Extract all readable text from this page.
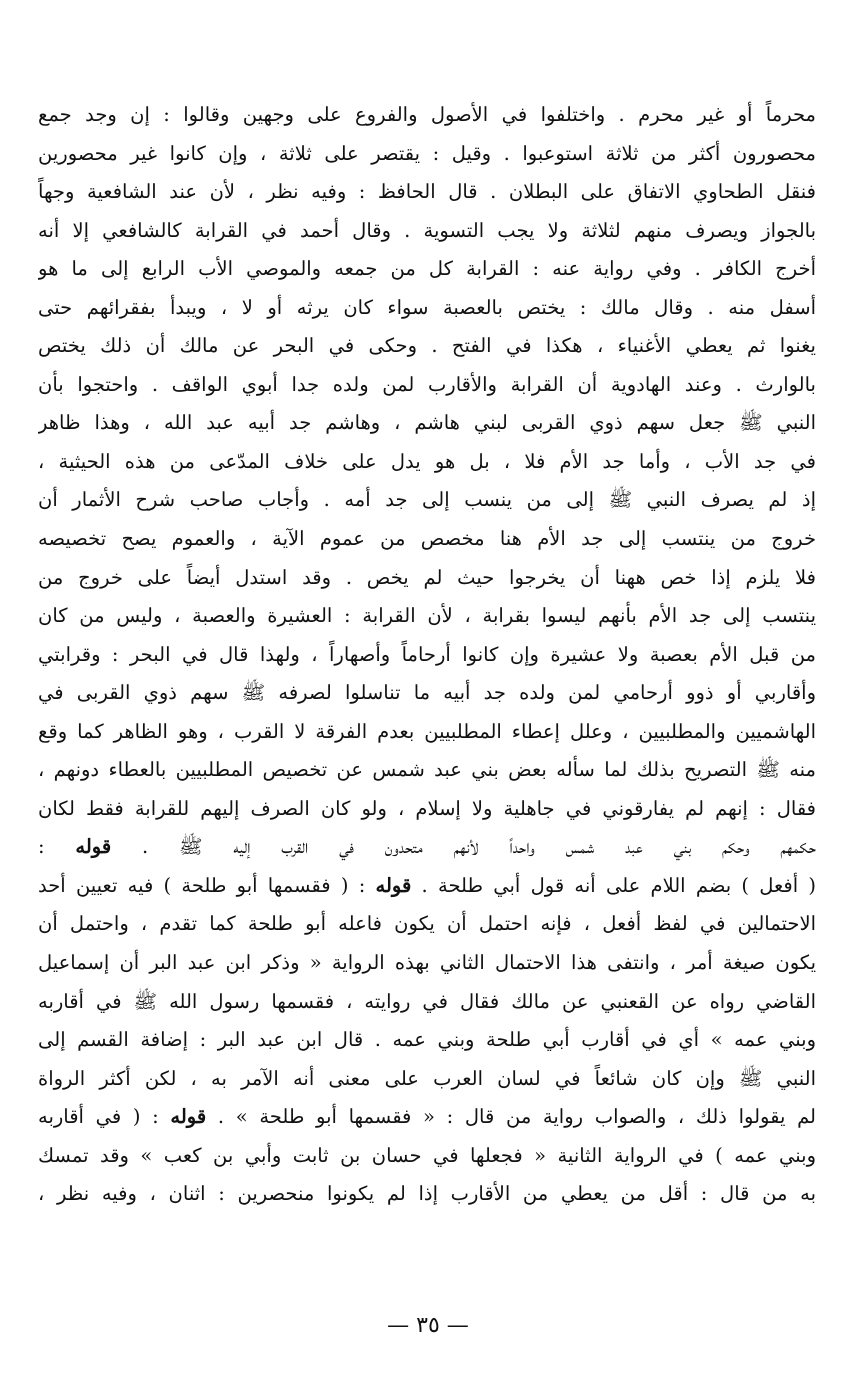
محرماً أو غير محرم . واختلفوا في الأصول والفروع على وجهين وقالوا : إن وجد جمع
محصورون أكثر من ثلاثة استوعبوا . وقيل : يقتصر على ثلاثة ، وإن كانوا غير محصورين
فنقل الطحاوي الاتفاق على البطلان . قال الحافظ : وفيه نظر ، لأن عند الشافعية وجهاً
بالجواز ويصرف منهم لثلاثة ولا يجب التسوية . وقال أحمد في القرابة كالشافعي إلا أنه
أخرج الكافر . وفي رواية عنه : القرابة كل من جمعه والموصي الأب الرابع إلى ما هو
أسفل منه . وقال مالك : يختص بالعصبة سواء كان يرثه أو لا ، ويبدأ بفقرائهم حتى
يغنوا ثم يعطي الأغنياء ، هكذا في الفتح . وحكى في البحر عن مالك أن ذلك يختص
بالوارث . وعند الهادوية أن القرابة والأقارب لمن ولده جدا أبوي الواقف . واحتجوا بأن
النبي ﷺ جعل سهم ذوي القربى لبني هاشم ، وهاشم جد أبيه عبد الله ، وهذا ظاهر
في جد الأب ، وأما جد الأم فلا ، بل هو يدل على خلاف المدّعى من هذه الحيثية ،
إذ لم يصرف النبي ﷺ إلى من ينسب إلى جد أمه . وأجاب صاحب شرح الأثمار أن
خروج من ينتسب إلى جد الأم هنا مخصص من عموم الآية ، والعموم يصح تخصيصه
فلا يلزم إذا خص ههنا أن يخرجوا حيث لم يخص . وقد استدل أيضاً على خروج من
ينتسب إلى جد الأم بأنهم ليسوا بقرابة ، لأن القرابة : العشيرة والعصبة ، وليس من كان
من قبل الأم بعصبة ولا عشيرة وإن كانوا أرحاماً وأصهاراً ، ولهذا قال في البحر : وقرابتي
وأقاربي أو ذوو أرحامي لمن ولده جد أبيه ما تناسلوا لصرفه ﷺ سهم ذوي القربى في
الهاشميين والمطلبيين ، وعلل إعطاء المطلبيين بعدم الفرقة لا القرب ، وهو الظاهر كما وقع
منه ﷺ التصريح بذلك لما سأله بعض بني عبد شمس عن تخصيص المطلبيين بالعطاء دونهم ،
فقال : إنهم لم يفارقوني في جاهلية ولا إسلام ، ولو كان الصرف إليهم للقرابة فقط لكان
حكمهم وحكم بني عبد شمس واحداً لأنهم متحدون في القرب إليه ﷺ . قوله :
( أفعل ) بضم اللام على أنه قول أبي طلحة . قوله : ( فقسمها أبو طلحة ) فيه تعيين أحد
الاحتمالين في لفظ أفعل ، فإنه احتمل أن يكون فاعله أبو طلحة كما تقدم ، واحتمل أن
يكون صيغة أمر ، وانتفى هذا الاحتمال الثاني بهذه الرواية « وذكر ابن عبد البر أن إسماعيل
القاضي رواه عن القعنبي عن مالك فقال في روايته ، فقسمها رسول الله ﷺ في أقاربه
وبني عمه » أي في أقارب أبي طلحة وبني عمه . قال ابن عبد البر : إضافة القسم إلى
النبي ﷺ وإن كان شائعاً في لسان العرب على معنى أنه الآمر به ، لكن أكثر الرواة
لم يقولوا ذلك ، والصواب رواية من قال : « فقسمها أبو طلحة » . قوله : ( في أقاربه
وبني عمه ) في الرواية الثانية « فجعلها في حسان بن ثابت وأبي بن كعب » وقد تمسك
به من قال : أقل من يعطي من الأقارب إذا لم يكونوا منحصرين : اثنان ، وفيه نظر ،
— ٣٥ —
